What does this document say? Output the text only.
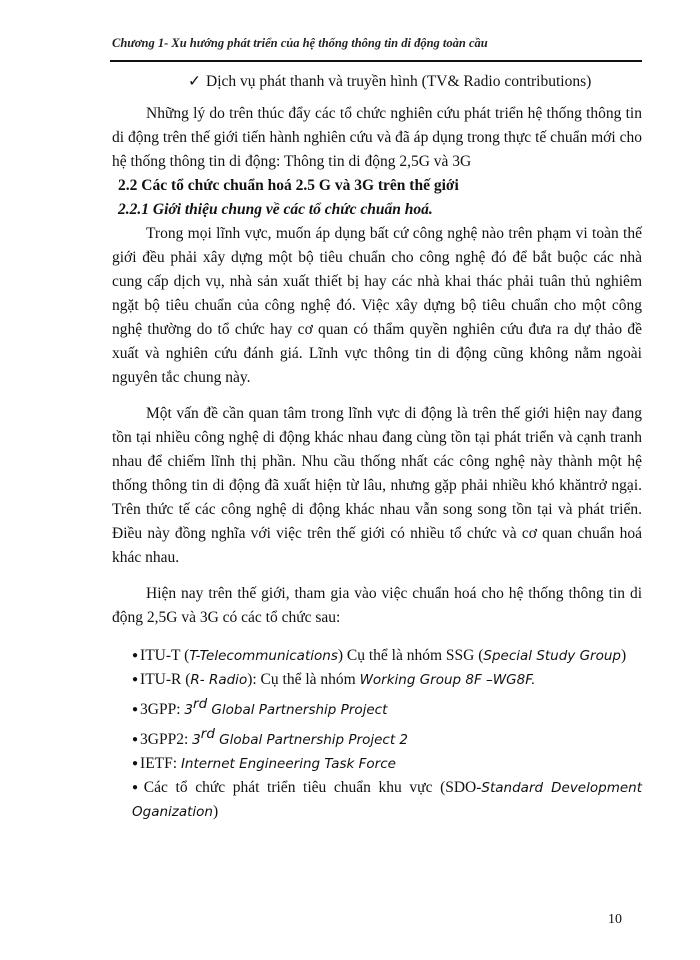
Chương 1- Xu hướng phát triển của hệ thống thông tin di động toàn cầu

✓ Dịch vụ phát thanh và truyền hình (TV& Radio contributions)

Những lý do trên thúc đẩy các tổ chức nghiên cứu phát triển hệ thống thông tin di động trên thế giới tiến hành nghiên cứu và đã áp dụng trong thực tế chuẩn mới cho hệ thống thông tin di động: Thông tin di động 2,5G và 3G

2.2 Các tổ chức chuẩn hoá 2.5 G và 3G trên thế giới

2.2.1 Giới thiệu chung về các tổ chức chuẩn hoá.

Trong mọi lĩnh vực, muốn áp dụng bất cứ công nghệ nào trên phạm vi toàn thế giới đều phải xây dựng một bộ tiêu chuẩn cho công nghệ đó để bắt buộc các nhà cung cấp dịch vụ, nhà sản xuất thiết bị hay các nhà khai thác phải tuân thủ nghiêm ngặt bộ tiêu chuẩn của công nghệ đó. Việc xây dựng bộ tiêu chuẩn cho một công nghệ thường do tổ chức hay cơ quan có thẩm quyền nghiên cứu đưa ra dự thảo đề xuất và nghiên cứu đánh giá. Lĩnh vực thông tin di động cũng không nằm ngoài nguyên tắc chung này.

Một vấn đề cần quan tâm trong lĩnh vực di động là trên thế giới hiện nay đang tồn tại nhiều công nghệ di động khác nhau đang cùng tồn tại phát triển và cạnh tranh nhau để chiếm lĩnh thị phần. Nhu cầu thống nhất các công nghệ này thành một hệ thống thông tin di động đã xuất hiện từ lâu, nhưng gặp phải nhiều khó khăntrở ngại. Trên thức tế các công nghệ di động khác nhau vẫn song song tồn tại và phát triển. Điều này đồng nghĩa với việc trên thế giới có nhiều tổ chức và cơ quan chuẩn hoá khác nhau.

Hiện nay trên thế giới, tham gia vào việc chuẩn hoá cho hệ thống thông tin di động 2,5G và 3G có các tổ chức sau:

● ITU-T (T-Telecommunications) Cụ thể là nhóm SSG (Special Study Group)
● ITU-R (R- Radio): Cụ thể là nhóm Working Group 8F –WG8F.
● 3GPP: 3rd Global Partnership Project
● 3GPP2: 3rd Global Partnership Project 2
● IETF: Internet Engineering Task Force
● Các tổ chức phát triển tiêu chuẩn khu vực (SDO-Standard Development Oganization)
10
